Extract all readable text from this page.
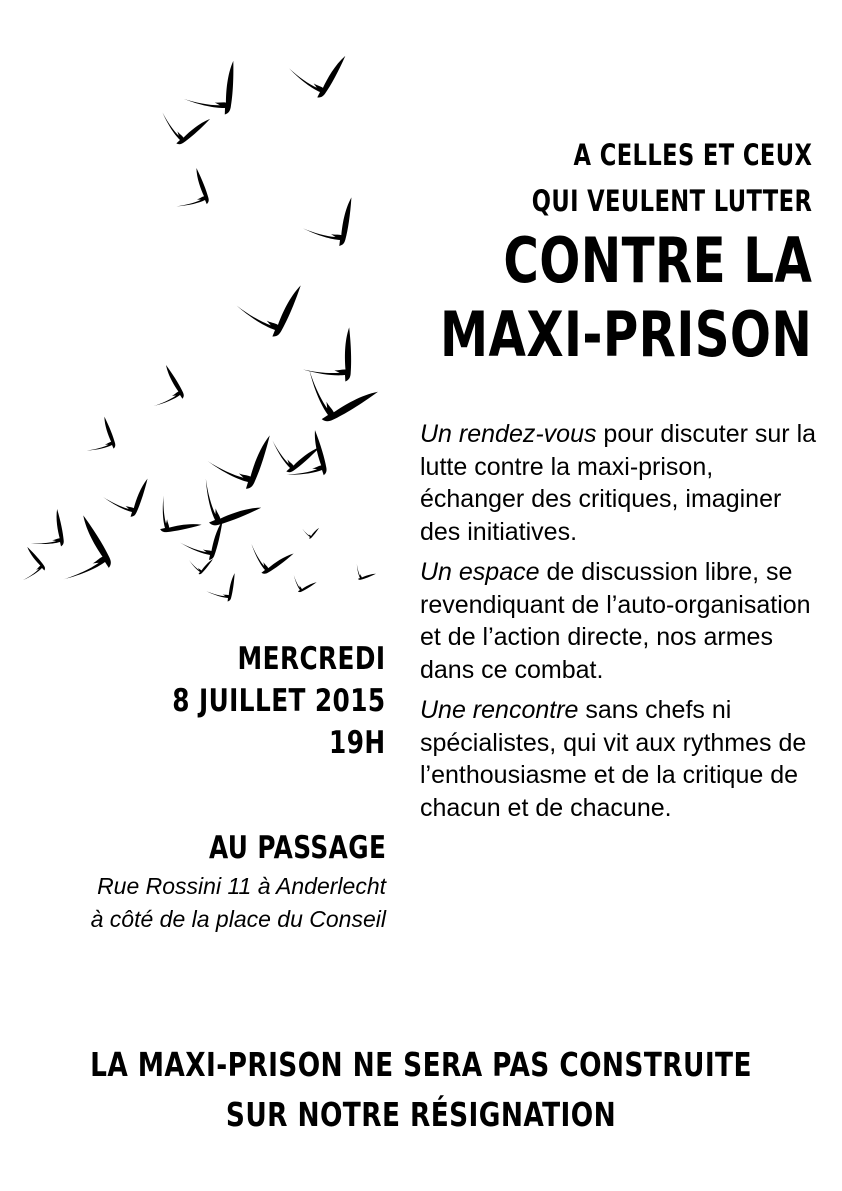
A CELLES ET CEUX
QUI VEULENT LUTTER
CONTRE LA
MAXI-PRISON
MERCREDI
8 JUILLET 2015
19H
AU PASSAGE
Rue Rossini 11 à Anderlecht
à côté de la place du Conseil

Un rendez-vous pour discuter sur la lutte contre la maxi-prison, échanger des critiques, imaginer des initiatives.

Un espace de discussion libre, se revendiquant de l’auto-organisation et de l’action directe, nos armes dans ce combat.

Une rencontre sans chefs ni spécialistes, qui vit aux rythmes de l’enthousiasme et de la critique de chacun et de chacune.

LA MAXI-PRISON NE SERA PAS CONSTRUITE
SUR NOTRE RÉSIGNATION
